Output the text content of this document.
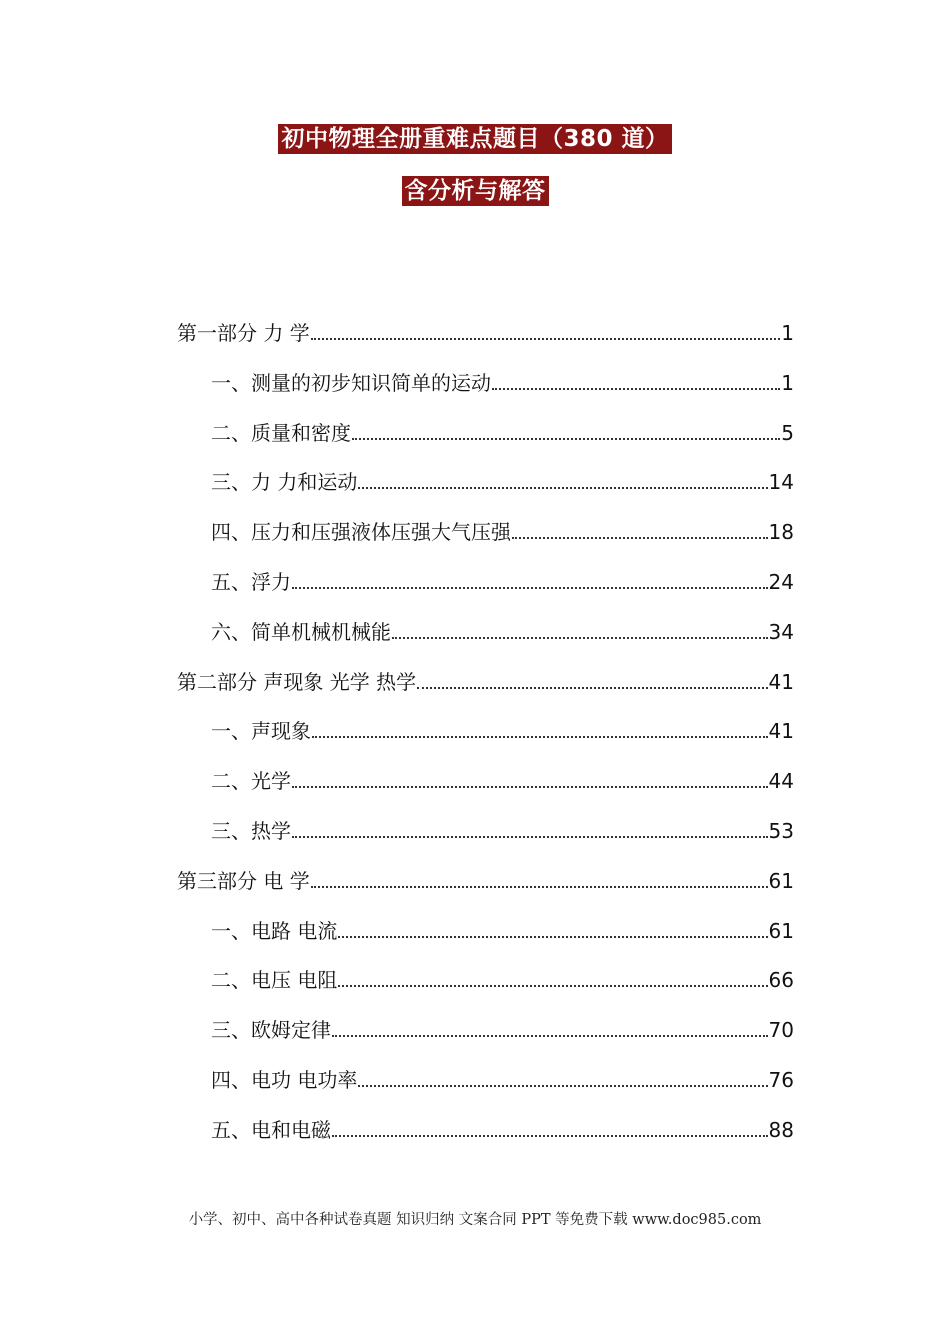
初中物理全册重难点题目（380 道）
含分析与解答
第一部分 力 学	1
一、测量的初步知识简单的运动	1
二、质量和密度	5
三、力 力和运动	14
四、压力和压强液体压强大气压强	18
五、浮力	24
六、简单机械机械能	34
第二部分 声现象 光学 热学	41
一、声现象	41
二、光学	44
三、热学	53
第三部分 电 学	61
一、电路 电流	61
二、电压 电阻	66
三、欧姆定律	70
四、电功 电功率	76
五、电和电磁	88
小学、初中、高中各种试卷真题 知识归纳 文案合同 PPT 等免费下载 www.doc985.com
